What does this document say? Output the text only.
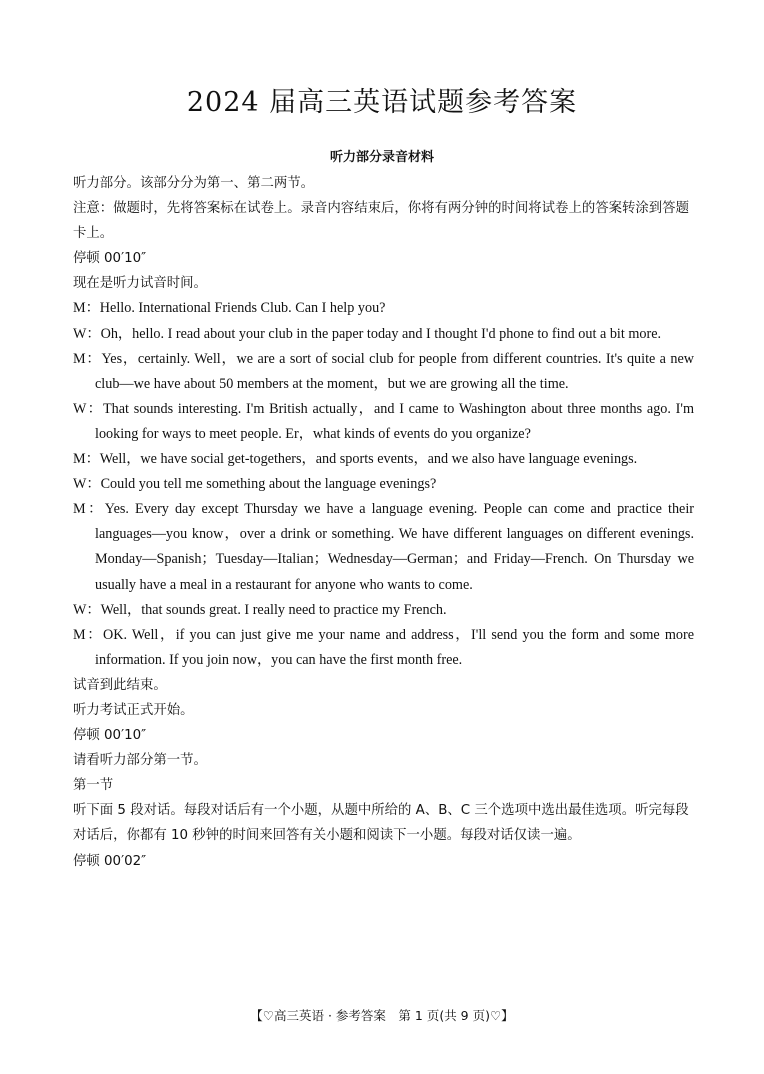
2024 届高三英语试题参考答案
听力部分录音材料

听力部分。该部分分为第一、第二两节。

注意：做题时，先将答案标在试卷上。录音内容结束后，你将有两分钟的时间将试卷上的答案转涂到答题卡上。

停顿 00′10″

现在是听力试音时间。

M：Hello. International Friends Club. Can I help you?

W：Oh，hello. I read about your club in the paper today and I thought I'd phone to find out a bit more.

M：Yes，certainly. Well，we are a sort of social club for people from different countries. It's quite a new club—we have about 50 members at the moment，but we are growing all the time.

W：That sounds interesting. I'm British actually，and I came to Washington about three months ago. I'm looking for ways to meet people. Er，what kinds of events do you organize?

M：Well，we have social get-togethers，and sports events，and we also have language evenings.

W：Could you tell me something about the language evenings?

M：Yes. Every day except Thursday we have a language evening. People can come and practice their languages—you know，over a drink or something. We have different languages on different evenings. Monday—Spanish；Tuesday—Italian；Wednesday—German；and Friday—French. On Thursday we usually have a meal in a restaurant for anyone who wants to come.

W：Well，that sounds great. I really need to practice my French.

M：OK. Well，if you can just give me your name and address，I'll send you the form and some more information. If you join now，you can have the first month free.

试音到此结束。

听力考试正式开始。

停顿 00′10″

请看听力部分第一节。

第一节

听下面 5 段对话。每段对话后有一个小题，从题中所给的 A、B、C 三个选项中选出最佳选项。听完每段对话后，你都有 10 秒钟的时间来回答有关小题和阅读下一小题。每段对话仅读一遍。

停顿 00′02″

【♡高三英语 · 参考答案　第 1 页(共 9 页)♡】
